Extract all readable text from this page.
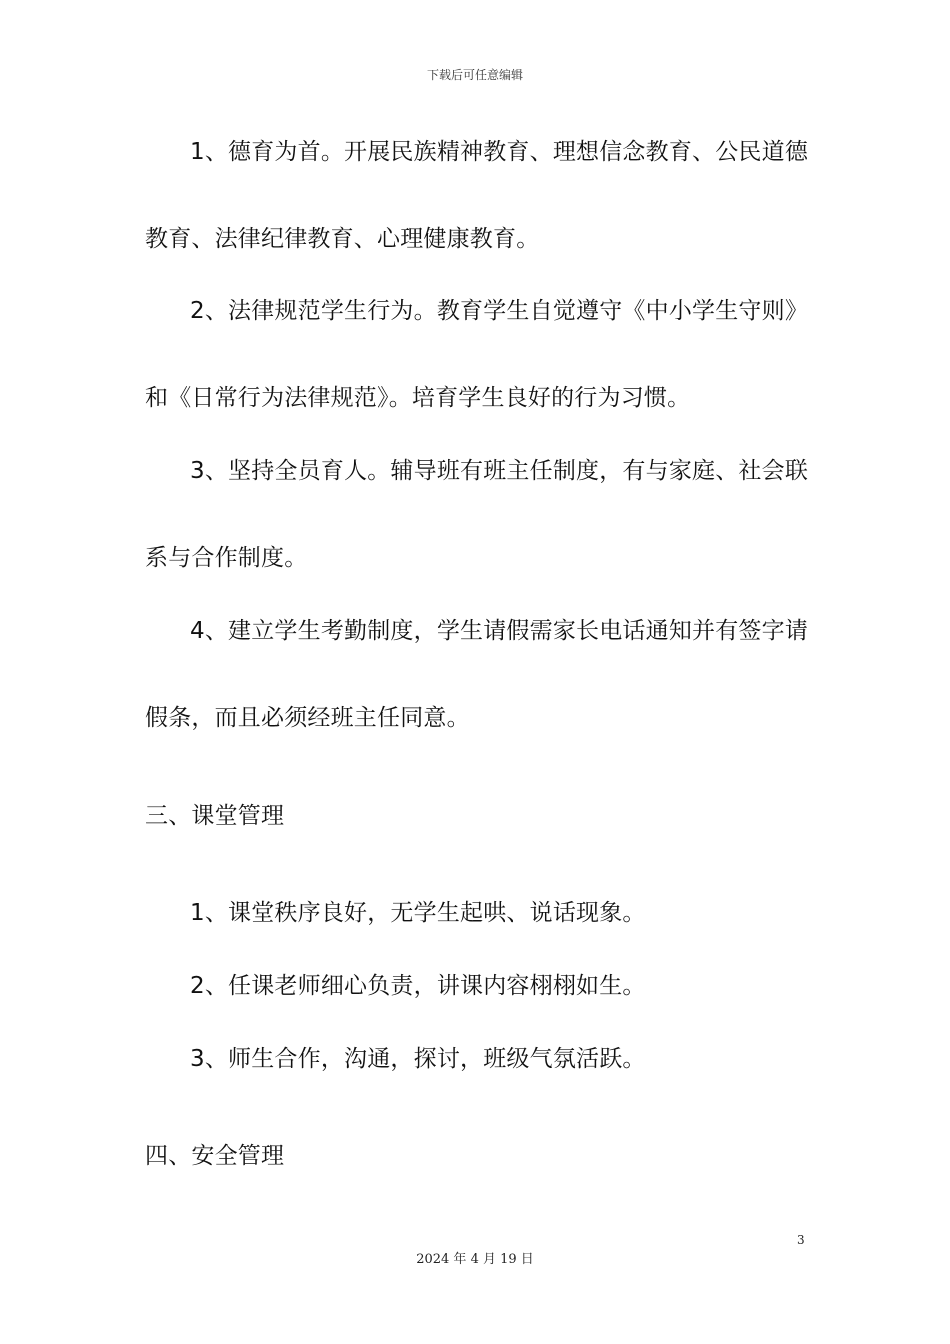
下载后可任意编辑
1、德育为首。开展民族精神教育、理想信念教育、公民道德
教育、法律纪律教育、心理健康教育。
2、法律规范学生行为。教育学生自觉遵守《中小学生守则》
和《日常行为法律规范》。培育学生良好的行为习惯。
3、坚持全员育人。辅导班有班主任制度，有与家庭、社会联
系与合作制度。
4、建立学生考勤制度，学生请假需家长电话通知并有签字请
假条，而且必须经班主任同意。
三、课堂管理
1、课堂秩序良好，无学生起哄、说话现象。
2、任课老师细心负责，讲课内容栩栩如生。
3、师生合作，沟通，探讨，班级气氛活跃。
四、安全管理
3
2024 年 4 月 19 日
